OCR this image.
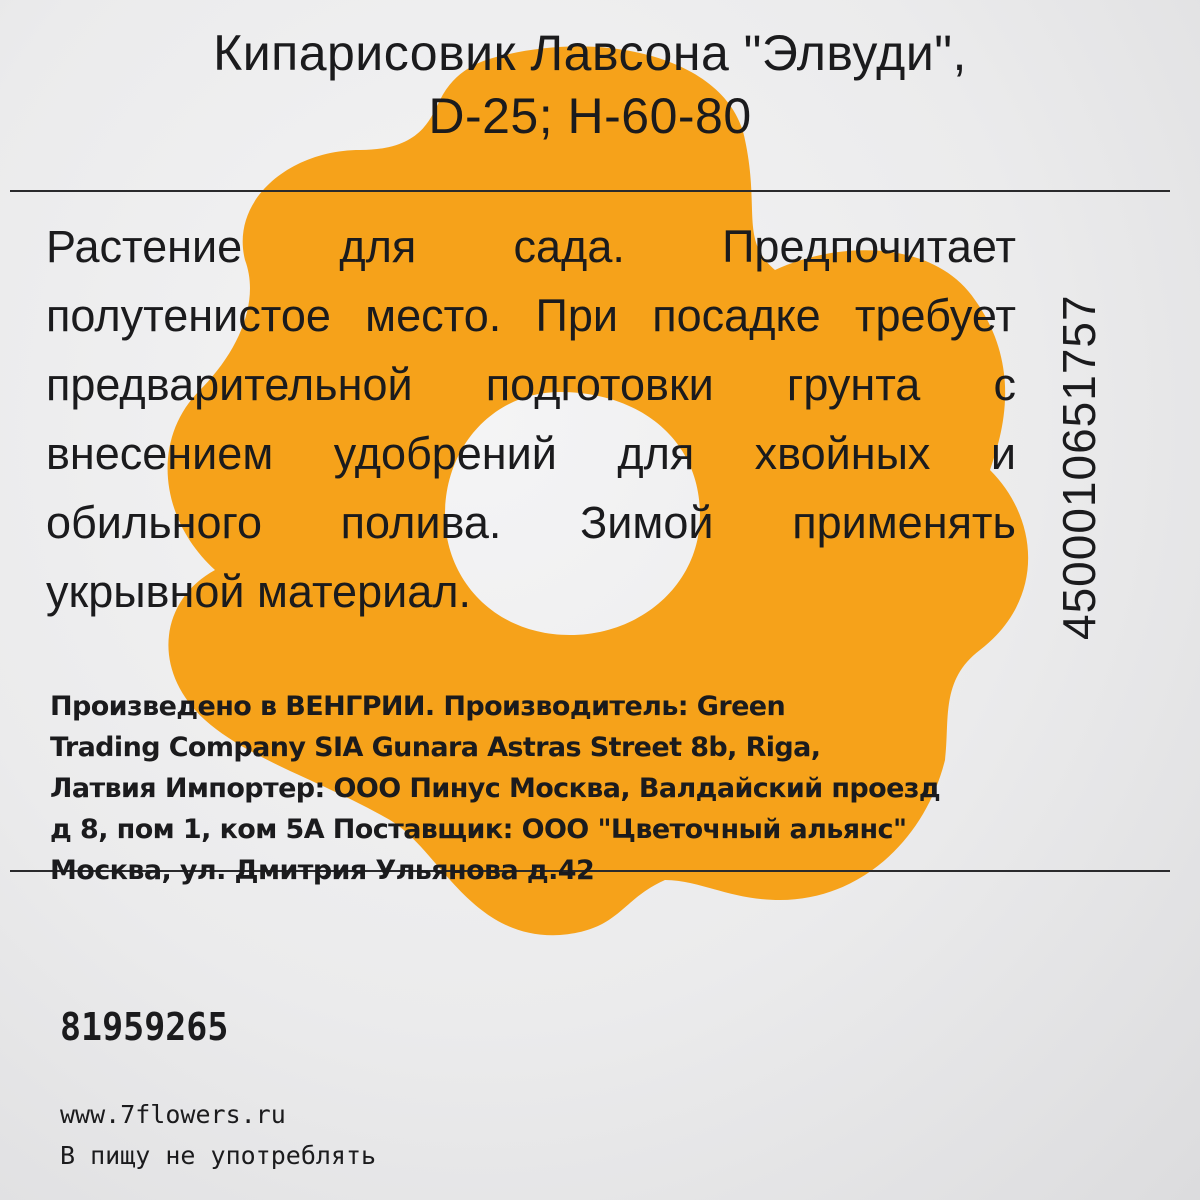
Кипарисовик Лавсона "Элвуди",
D-25; H-60-80
Растение для сада. Предпочитает
полутенистое место. При посадке требует
предварительной подготовки грунта с
внесением удобрений для хвойных и
обильного полива. Зимой применять
укрывной материал.	4500010651757
Произведено в ВЕНГРИИ. Производитель: Green
Trading Company SIA Gunara Astras Street 8b, Riga,
Латвия Импортер: ООО Пинус Москва, Валдайский проезд
д 8, пом 1, ком 5А Поставщик: ООО "Цветочный альянс"
Москва, ул. Дмитрия Ульянова д.42
81959265
www.7flowers.ru
В пищу не употреблять
